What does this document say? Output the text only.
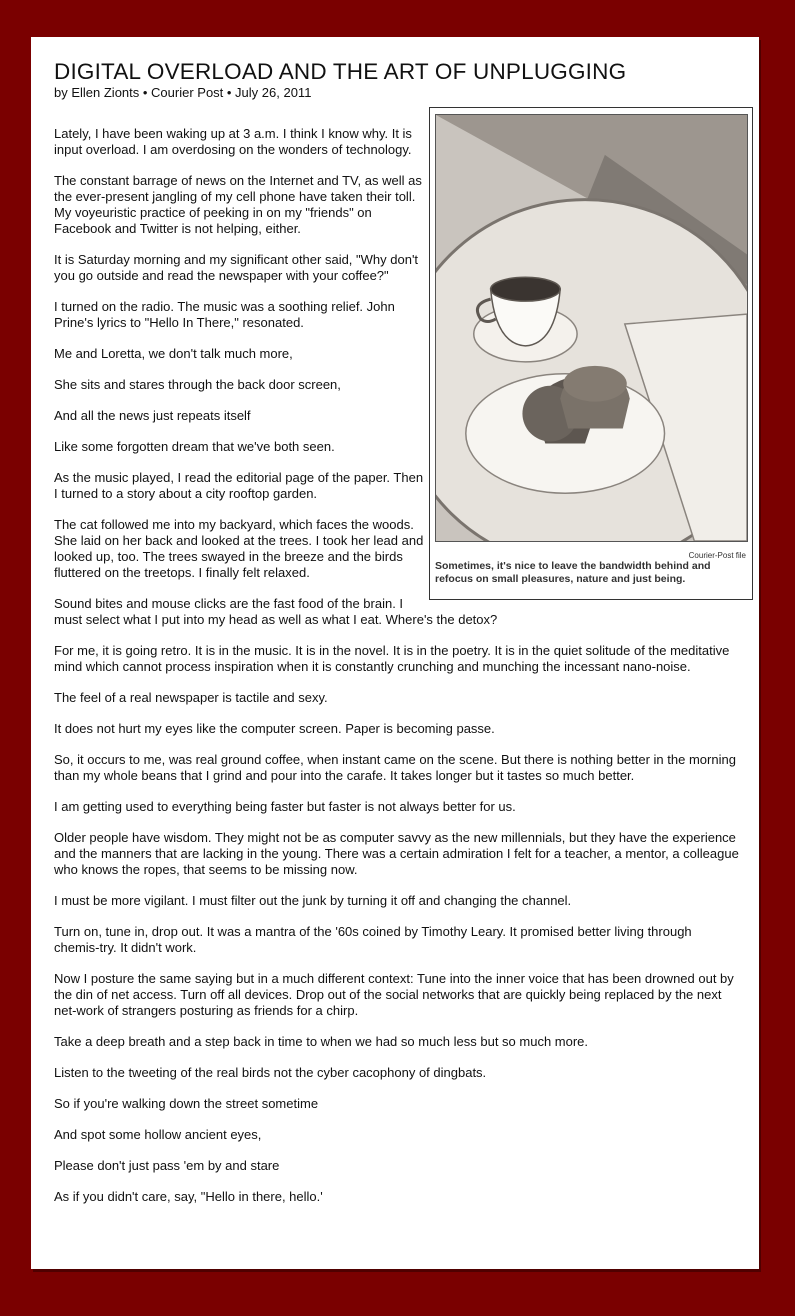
DIGITAL OVERLOAD AND THE ART OF UNPLUGGING
by Ellen Zionts • Courier Post • July 26, 2011
Courier-Post file
Sometimes, it's nice to leave the bandwidth behind and refocus on small pleasures, nature and just being.

Lately, I have been waking up at 3 a.m. I think I know why. It is input overload. I am overdosing on the wonders of technology.

The constant barrage of news on the Internet and TV, as well as the ever-present jangling of my cell phone have taken their toll. My voyeuristic practice of peeking in on my "friends" on Facebook and Twitter is not helping, either.

It is Saturday morning and my significant other said, "Why don't you go outside and read the newspaper with your coffee?"

I turned on the radio. The music was a soothing relief. John Prine's lyrics to "Hello In There," resonated.

Me and Loretta, we don't talk much more,

She sits and stares through the back door screen,

And all the news just repeats itself

Like some forgotten dream that we've both seen.

As the music played, I read the editorial page of the paper. Then I turned to a story about a city rooftop garden.

The cat followed me into my backyard, which faces the woods. She laid on her back and looked at the trees. I took her lead and looked up, too. The trees swayed in the breeze and the birds fluttered on the treetops. I finally felt relaxed.

Sound bites and mouse clicks are the fast food of the brain. I must select what I put into my head as well as what I eat. Where's the detox?

For me, it is going retro. It is in the music. It is in the novel. It is in the poetry. It is in the quiet solitude of the meditative mind which cannot process inspiration when it is constantly crunching and munching the incessant nano-noise.

The feel of a real newspaper is tactile and sexy.

It does not hurt my eyes like the computer screen. Paper is becoming passe.

So, it occurs to me, was real ground coffee, when instant came on the scene. But there is nothing better in the morning than my whole beans that I grind and pour into the carafe. It takes longer but it tastes so much better.

I am getting used to everything being faster but faster is not always better for us.

Older people have wisdom. They might not be as computer savvy as the new millennials, but they have the experience and the manners that are lacking in the young. There was a certain admiration I felt for a teacher, a mentor, a colleague who knows the ropes, that seems to be missing now.

I must be more vigilant. I must filter out the junk by turning it off and changing the channel.

Turn on, tune in, drop out. It was a mantra of the '60s coined by Timothy Leary. It promised better living through chemis-try. It didn't work.

Now I posture the same saying but in a much different context: Tune into the inner voice that has been drowned out by the din of net access. Turn off all devices. Drop out of the social networks that are quickly being replaced by the next net-work of strangers posturing as friends for a chirp.

Take a deep breath and a step back in time to when we had so much less but so much more.

Listen to the tweeting of the real birds not the cyber cacophony of dingbats.

So if you're walking down the street sometime

And spot some hollow ancient eyes,

Please don't just pass 'em by and stare

As if you didn't care, say, "Hello in there, hello.'
